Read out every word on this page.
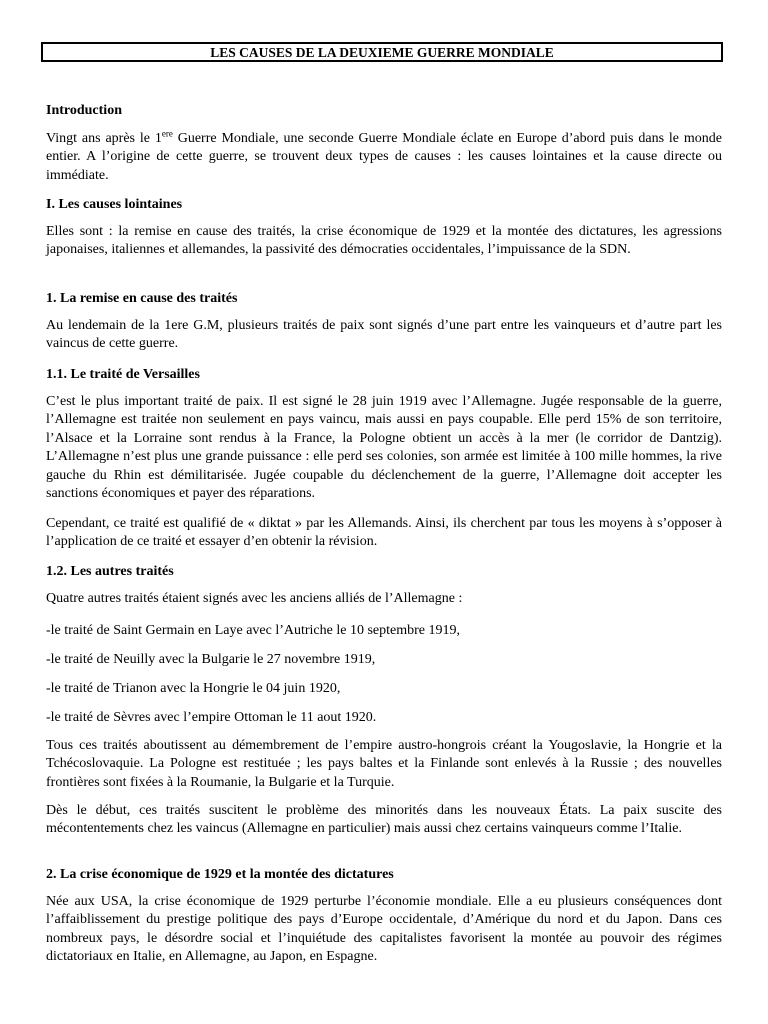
LES CAUSES DE LA DEUXIEME GUERRE MONDIALE

Introduction

Vingt ans après le 1ere Guerre Mondiale, une seconde Guerre Mondiale éclate en Europe d’abord puis dans le monde entier. A l’origine de cette guerre, se trouvent deux types de causes : les causes lointaines et la cause directe ou immédiate.

I. Les causes lointaines

Elles sont : la remise en cause des traités, la crise économique de 1929 et la montée des dictatures, les agressions japonaises, italiennes et allemandes, la passivité des démocraties occidentales, l’impuissance de la SDN.

1. La remise en cause des traités

Au lendemain de la 1ere G.M, plusieurs traités de paix sont signés d’une part entre les vainqueurs et d’autre part les vaincus de cette guerre.

1.1. Le traité de Versailles

C’est le plus important traité de paix. Il est signé le 28 juin 1919 avec l’Allemagne. Jugée responsable de la guerre, l’Allemagne est traitée non seulement en pays vaincu, mais aussi en pays coupable. Elle perd 15% de son territoire, l’Alsace et la Lorraine sont rendus à la France, la Pologne obtient un accès à la mer (le corridor de Dantzig). L’Allemagne n’est plus une grande puissance : elle perd ses colonies, son armée est limitée à 100 mille hommes, la rive gauche du Rhin est démilitarisée. Jugée coupable du déclenchement de la guerre, l’Allemagne doit accepter les sanctions économiques et payer des réparations.

Cependant, ce traité est qualifié de « diktat » par les Allemands. Ainsi, ils cherchent par tous les moyens à s’opposer à l’application de ce traité et essayer d’en obtenir la révision.

1.2. Les autres traités

Quatre autres traités étaient signés avec les anciens alliés de l’Allemagne :

-le traité de Saint Germain en Laye avec l’Autriche le 10 septembre 1919,

-le traité de Neuilly avec la Bulgarie le 27 novembre 1919,

-le traité de Trianon avec la Hongrie le 04 juin 1920,

-le traité de Sèvres avec l’empire Ottoman le 11 aout 1920.

Tous ces traités aboutissent au démembrement de l’empire austro-hongrois créant la Yougoslavie, la Hongrie et la Tchécoslovaquie. La Pologne est restituée ; les pays baltes et la Finlande sont enlevés à la Russie ; des nouvelles frontières sont fixées à la Roumanie, la Bulgarie et la Turquie.

Dès le début, ces traités suscitent le problème des minorités dans les nouveaux États. La paix suscite des mécontentements chez les vaincus (Allemagne en particulier) mais aussi chez certains vainqueurs comme l’Italie.

2. La crise économique de 1929 et la montée des dictatures

Née aux USA, la crise économique de 1929 perturbe l’économie mondiale. Elle a eu plusieurs conséquences dont l’affaiblissement du prestige politique des pays d’Europe occidentale, d’Amérique du nord et du Japon. Dans ces nombreux pays, le désordre social et l’inquiétude des capitalistes favorisent la montée au pouvoir des régimes dictatoriaux en Italie, en Allemagne, au Japon, en Espagne.
